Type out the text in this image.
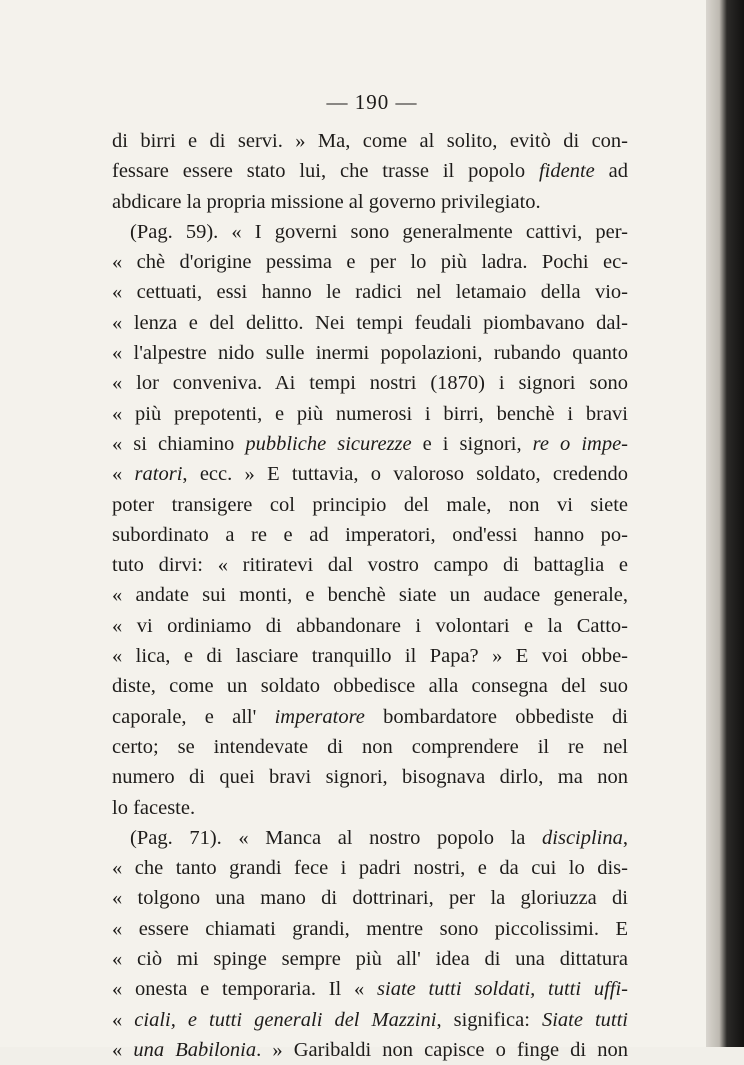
— 190 —
di birri e di servi. » Ma, come al solito, evitò di con-
fessare essere stato lui, che trasse il popolo fidente ad
abdicare la propria missione al governo privilegiato.
(Pag. 59). « I governi sono generalmente cattivi, per-
« chè d'origine pessima e per lo più ladra. Pochi ec-
« cettuati, essi hanno le radici nel letamaio della vio-
« lenza e del delitto. Nei tempi feudali piombavano dal-
« l'alpestre nido sulle inermi popolazioni, rubando quanto
« lor conveniva. Ai tempi nostri (1870) i signori sono
« più prepotenti, e più numerosi i birri, benchè i bravi
« si chiamino pubbliche sicurezze e i signori, re o impe-
« ratori, ecc. » E tuttavia, o valoroso soldato, credendo
poter transigere col principio del male, non vi siete
subordinato a re e ad imperatori, ond'essi hanno po-
tuto dirvi: « ritiratevi dal vostro campo di battaglia e
« andate sui monti, e benchè siate un audace generale,
« vi ordiniamo di abbandonare i volontari e la Catto-
« lica, e di lasciare tranquillo il Papa? » E voi obbe-
diste, come un soldato obbedisce alla consegna del suo
caporale, e all' imperatore bombardatore obbediste di
certo; se intendevate di non comprendere il re nel
numero di quei bravi signori, bisognava dirlo, ma non
lo faceste.
(Pag. 71). « Manca al nostro popolo la disciplina,
« che tanto grandi fece i padri nostri, e da cui lo dis-
« tolgono una mano di dottrinari, per la gloriuzza di
« essere chiamati grandi, mentre sono piccolissimi. E
« ciò mi spinge sempre più all' idea di una dittatura
« onesta e temporaria. Il « siate tutti soldati, tutti uffi-
« ciali, e tutti generali del Mazzini, significa: Siate tutti
« una Babilonia. » Garibaldi non capisce o finge di non
